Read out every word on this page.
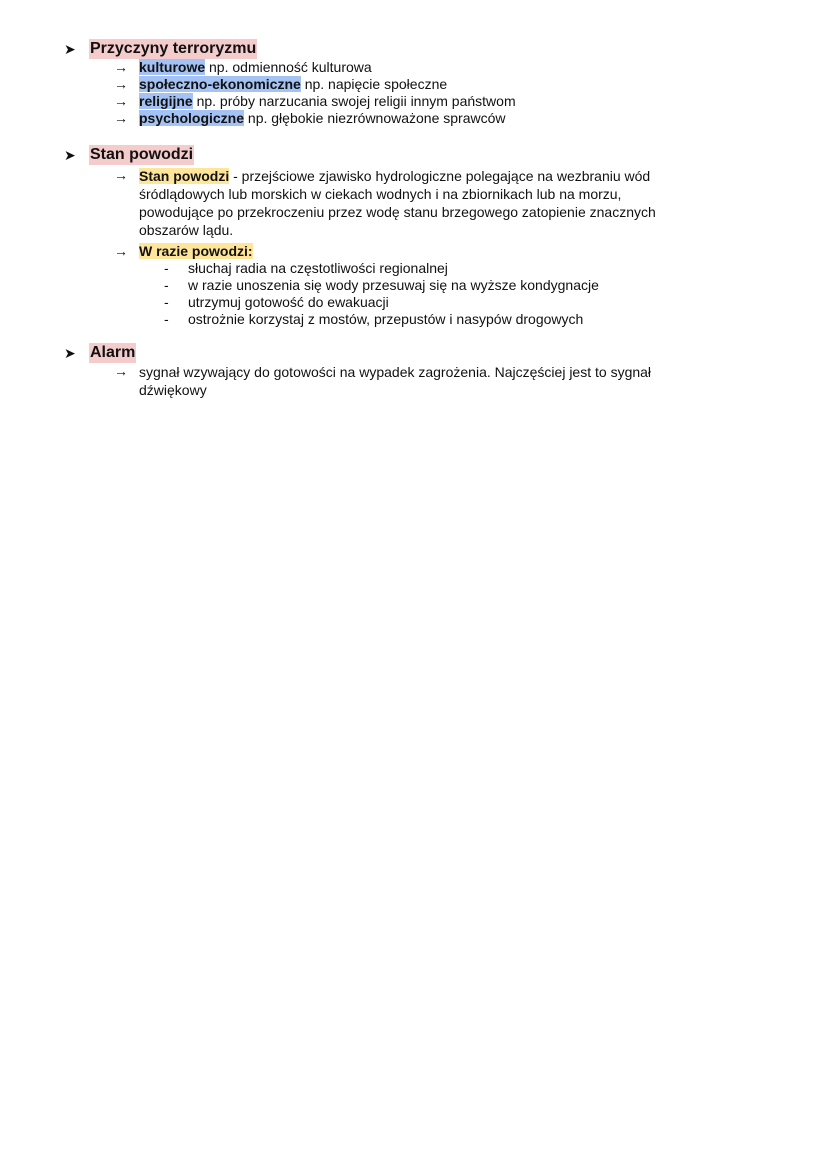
➤ Przyczyny terroryzmu
→ kulturowe np. odmienność kulturowa
→ społeczno-ekonomiczne np. napięcie społeczne
→ religijne np. próby narzucania swojej religii innym państwom
→ psychologiczne np. głębokie niezrównoważone sprawców
➤ Stan powodzi
→ Stan powodzi - przejściowe zjawisko hydrologiczne polegające na wezbraniu wód
śródlądowych lub morskich w ciekach wodnych i na zbiornikach lub na morzu,
powodujące po przekroczeniu przez wodę stanu brzegowego zatopienie znacznych
obszarów lądu.
→ W razie powodzi:
- słuchaj radia na częstotliwości regionalnej
- w razie unoszenia się wody przesuwaj się na wyższe kondygnacje
- utrzymuj gotowość do ewakuacji
- ostrożnie korzystaj z mostów, przepustów i nasypów drogowych
➤ Alarm
→ sygnał wzywający do gotowości na wypadek zagrożenia. Najczęściej jest to sygnał
dźwiękowy
